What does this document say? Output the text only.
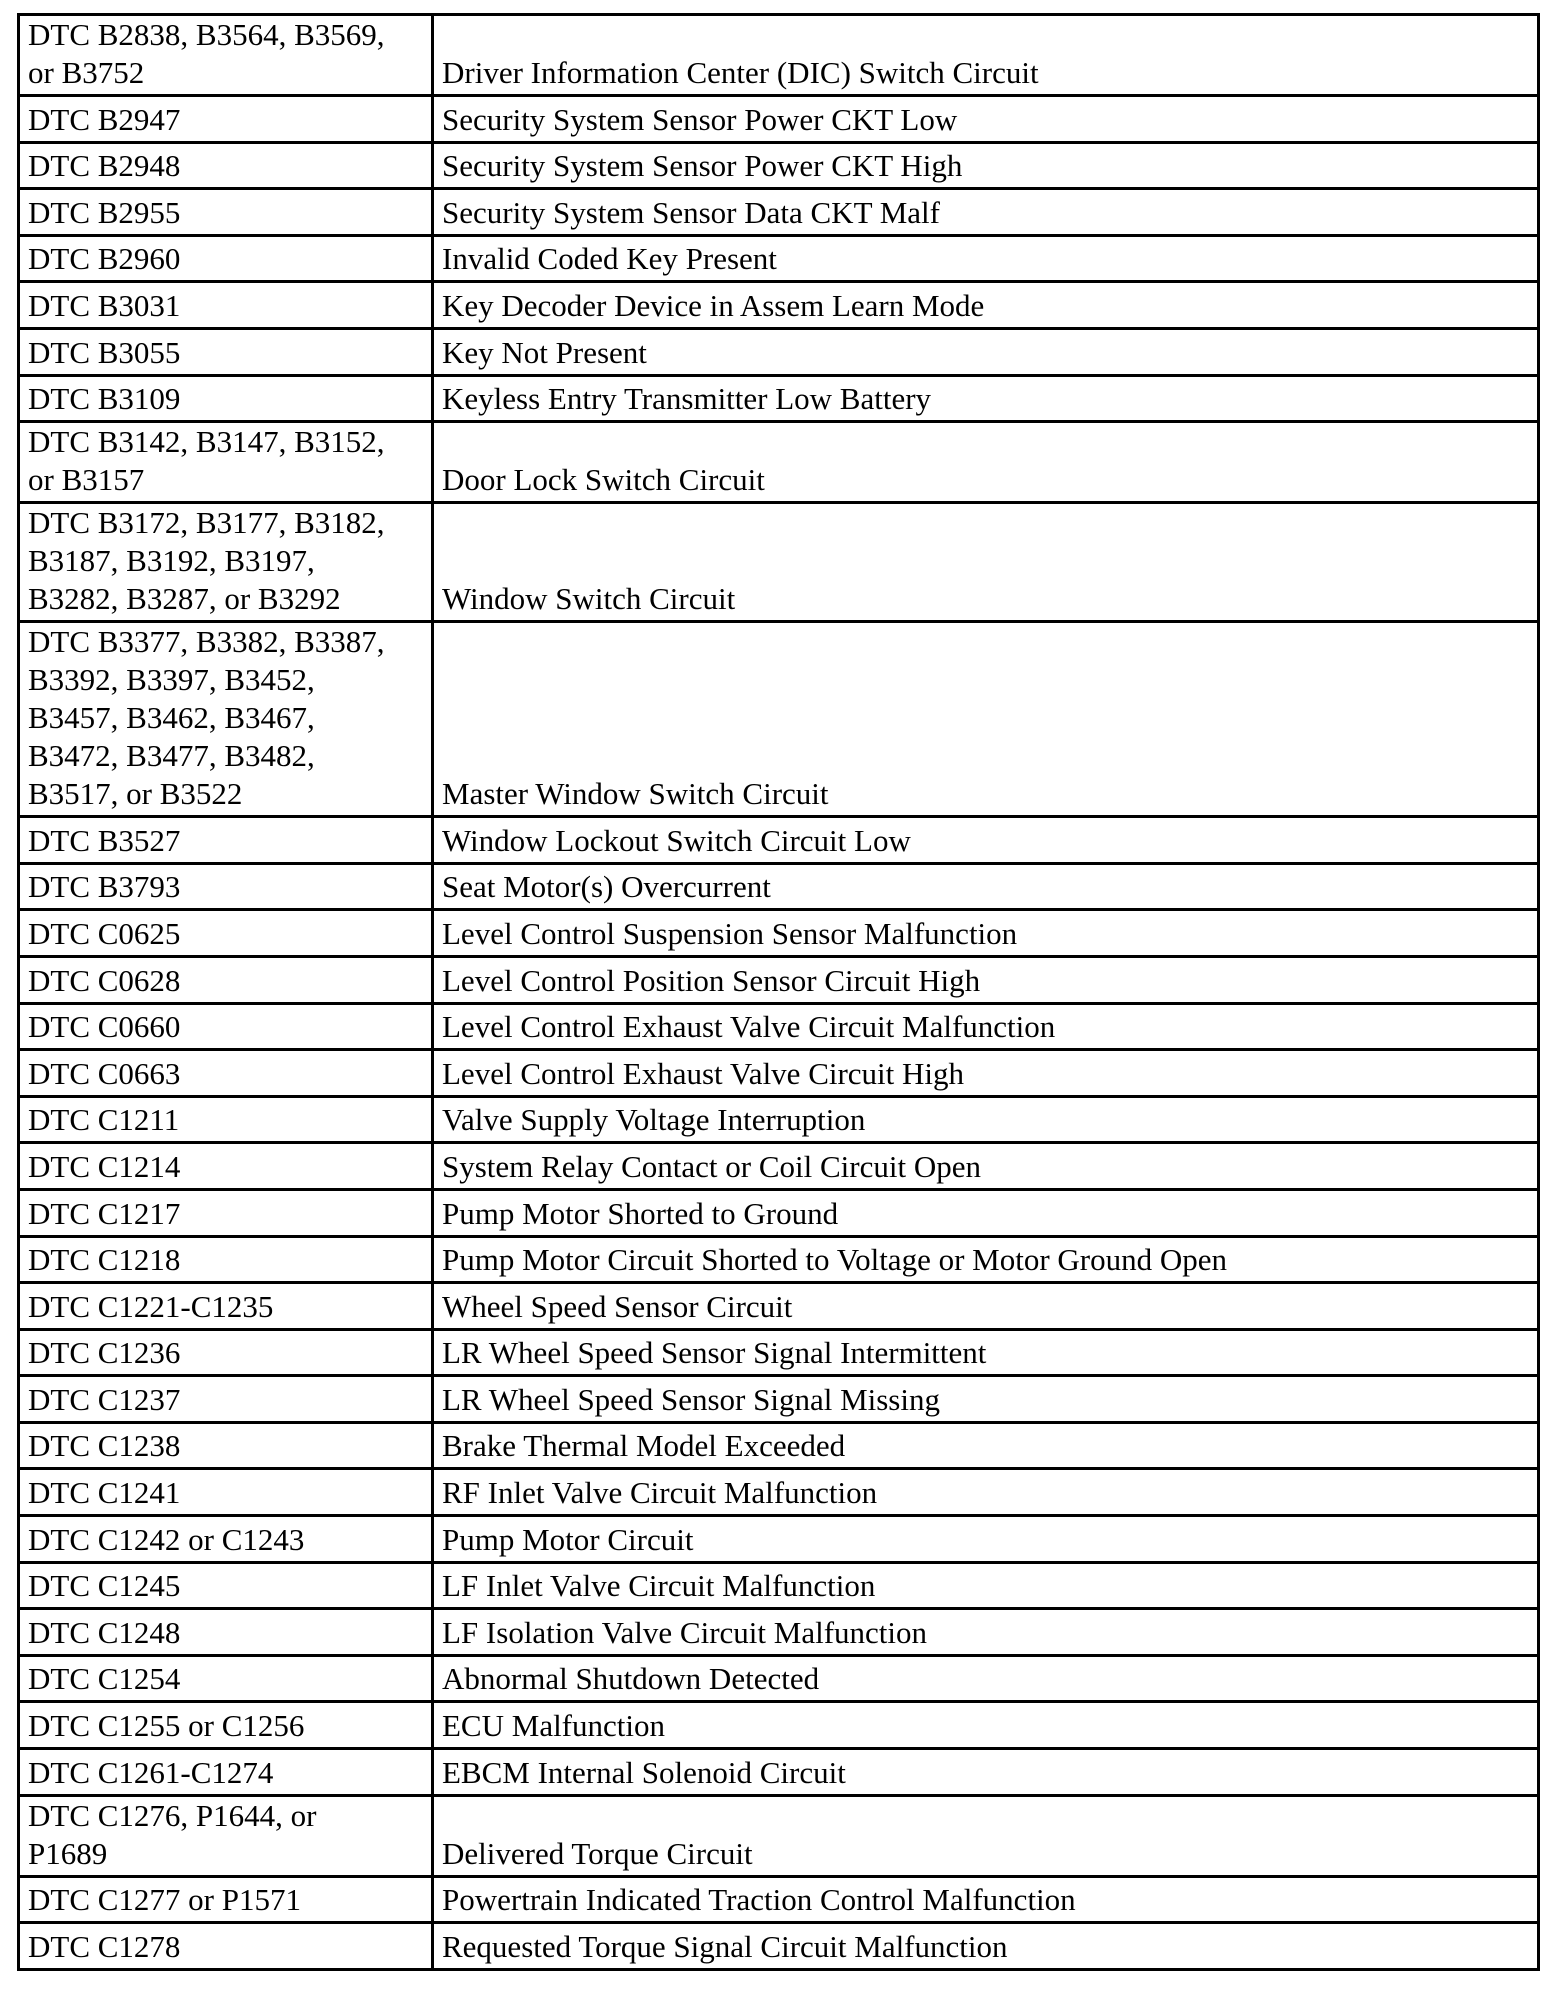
DTC B2838, B3564, B3569,
or B3752	Driver Information Center (DIC) Switch Circuit
DTC B2947	Security System Sensor Power CKT Low
DTC B2948	Security System Sensor Power CKT High
DTC B2955	Security System Sensor Data CKT Malf
DTC B2960	Invalid Coded Key Present
DTC B3031	Key Decoder Device in Assem Learn Mode
DTC B3055	Key Not Present
DTC B3109	Keyless Entry Transmitter Low Battery
DTC B3142, B3147, B3152,
or B3157	Door Lock Switch Circuit
DTC B3172, B3177, B3182,
B3187, B3192, B3197,
B3282, B3287, or B3292	Window Switch Circuit
DTC B3377, B3382, B3387,
B3392, B3397, B3452,
B3457, B3462, B3467,
B3472, B3477, B3482,
B3517, or B3522	Master Window Switch Circuit
DTC B3527	Window Lockout Switch Circuit Low
DTC B3793	Seat Motor(s) Overcurrent
DTC C0625	Level Control Suspension Sensor Malfunction
DTC C0628	Level Control Position Sensor Circuit High
DTC C0660	Level Control Exhaust Valve Circuit Malfunction
DTC C0663	Level Control Exhaust Valve Circuit High
DTC C1211	Valve Supply Voltage Interruption
DTC C1214	System Relay Contact or Coil Circuit Open
DTC C1217	Pump Motor Shorted to Ground
DTC C1218	Pump Motor Circuit Shorted to Voltage or Motor Ground Open
DTC C1221-C1235	Wheel Speed Sensor Circuit
DTC C1236	LR Wheel Speed Sensor Signal Intermittent
DTC C1237	LR Wheel Speed Sensor Signal Missing
DTC C1238	Brake Thermal Model Exceeded
DTC C1241	RF Inlet Valve Circuit Malfunction
DTC C1242 or C1243	Pump Motor Circuit
DTC C1245	LF Inlet Valve Circuit Malfunction
DTC C1248	LF Isolation Valve Circuit Malfunction
DTC C1254	Abnormal Shutdown Detected
DTC C1255 or C1256	ECU Malfunction
DTC C1261-C1274	EBCM Internal Solenoid Circuit
DTC C1276, P1644, or
P1689	Delivered Torque Circuit
DTC C1277 or P1571	Powertrain Indicated Traction Control Malfunction
DTC C1278	Requested Torque Signal Circuit Malfunction
